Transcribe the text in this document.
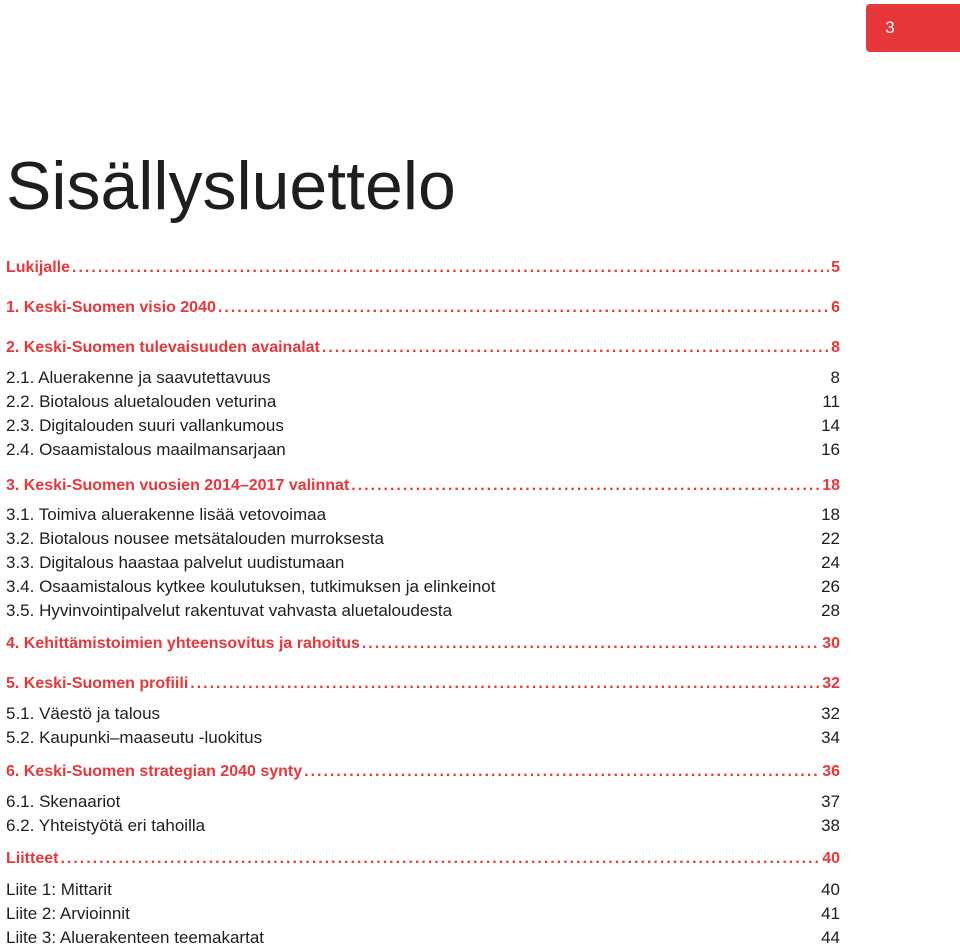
3
Sisällysluettelo
Lukijalle .....	5
1. Keski-Suomen visio 2040 .....	6
2. Keski-Suomen tulevaisuuden avainalat .....	8
2.1. Aluerakenne ja saavutettavuus	8
2.2. Biotalous aluetalouden veturina	11
2.3. Digitalouden suuri vallankumous	14
2.4. Osaamistalous maailmansarjaan	16
3. Keski-Suomen vuosien 2014–2017 valinnat .....	18
3.1. Toimiva aluerakenne lisää vetovoimaa	18
3.2. Biotalous nousee metsätalouden murroksesta	22
3.3. Digitalous haastaa palvelut uudistumaan	24
3.4. Osaamistalous kytkee koulutuksen, tutkimuksen ja elinkeinot	26
3.5. Hyvinvointipalvelut rakentuvat vahvasta aluetaloudesta	28
4. Kehittämistoimien yhteensovitus ja rahoitus .....	30
5. Keski-Suomen profiili .....	32
5.1. Väestö ja talous	32
5.2. Kaupunki–maaseutu -luokitus	34
6. Keski-Suomen strategian 2040 synty .....	36
6.1. Skenaariot	37
6.2. Yhteistyötä eri tahoilla	38
Liitteet .....	40
Liite 1: Mittarit	40
Liite 2: Arvioinnit	41
Liite 3: Aluerakenteen teemakartat	44
